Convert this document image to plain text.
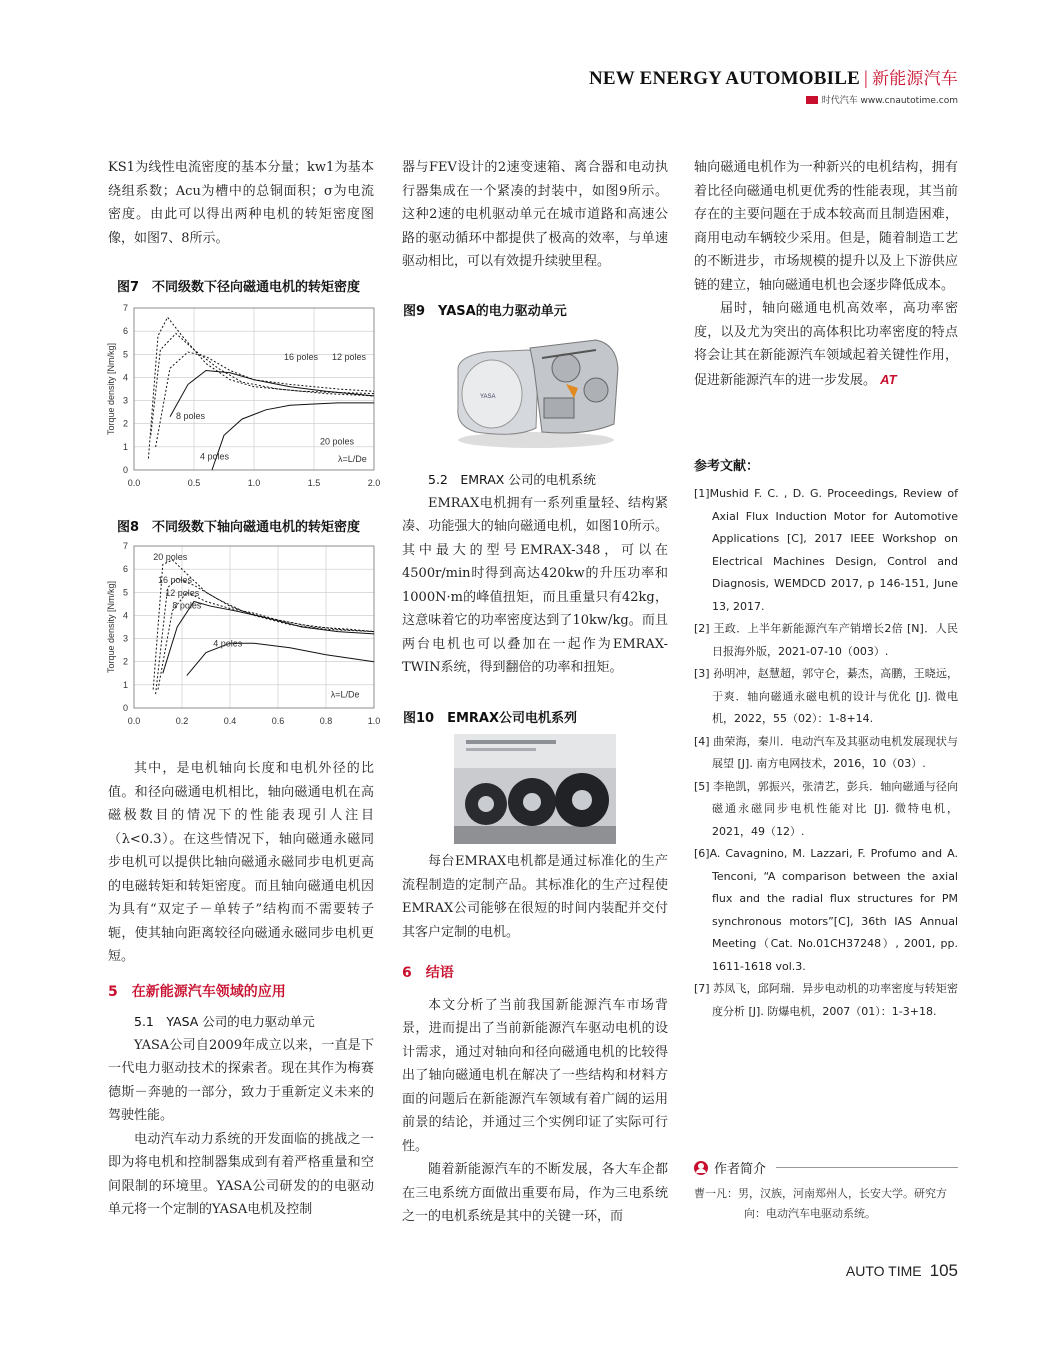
NEW ENERGY AUTOMOBILE | 新能源汽车
时代汽车 www.cnautotime.com

KS1为线性电流密度的基本分量；kw1为基本绕组系数；Acu为槽中的总铜面积；σ为电流密度。由此可以得出两种电机的转矩密度图像，如图7、8所示。

图7　不同级数下径向磁通电机的转矩密度
0
1
2
3
4
5
6
7
0.0	0.5	1.0	1.5	2.0
Torque density [Nm/kg]	16 poles 12 poles
8 poles
20 poles
4 poles	λ=L/De
图8　不同级数下轴向磁通电机的转矩密度
0
1
2
3
4
5
6
7
0.0	0.2	0.4	0.6	0.8	1.0
Torque density [Nm/kg]
20 poles
16 poles
12 poles
8 poles
4 poles
λ=L/De

其中，是电机轴向长度和电机外径的比值。和径向磁通电机相比，轴向磁通电机在高磁极数目的情况下的性能表现引人注目（λ<0.3）。在这些情况下，轴向磁通永磁同步电机可以提供比轴向磁通永磁同步电机更高的电磁转矩和转矩密度。而且轴向磁通电机因为具有“双定子－单转子”结构而不需要转子轭，使其轴向距离较径向磁通永磁同步电机更短。

5　在新能源汽车领域的应用
5.1　YASA 公司的电力驱动单元

YASA公司自2009年成立以来，一直是下一代电力驱动技术的探索者。现在其作为梅赛德斯－奔驰的一部分，致力于重新定义未来的驾驶性能。

电动汽车动力系统的开发面临的挑战之一即为将电机和控制器集成到有着严格重量和空间限制的环境里。YASA公司研发的的电驱动单元将一个定制的YASA电机及控制

器与FEV设计的2速变速箱、离合器和电动执行器集成在一个紧凑的封装中，如图9所示。这种2速的电机驱动单元在城市道路和高速公路的驱动循环中都提供了极高的效率，与单速驱动相比，可以有效提升续驶里程。

图9　YASA的电力驱动单元
YASA
5.2　EMRAX 公司的电机系统

EMRAX电机拥有一系列重量轻、结构紧凑、功能强大的轴向磁通电机，如图10所示。其中最大的型号EMRAX-348，可以在4500r/min时得到高达420kw的升压功率和1000N·m的峰值扭矩，而且重量只有42kg，这意味着它的功率密度达到了10kw/kg。而且两台电机也可以叠加在一起作为EMRAX-TWIN系统，得到翻倍的功率和扭矩。

图10　EMRAX公司电机系列

每台EMRAX电机都是通过标准化的生产流程制造的定制产品。其标准化的生产过程使EMRAX公司能够在很短的时间内装配并交付其客户定制的电机。

6　结语

本文分析了当前我国新能源汽车市场背景，进而提出了当前新能源汽车驱动电机的设计需求，通过对轴向和径向磁通电机的比较得出了轴向磁通电机在解决了一些结构和材料方面的问题后在新能源汽车领域有着广阔的运用前景的结论，并通过三个实例印证了实际可行性。

随着新能源汽车的不断发展，各大车企都在三电系统方面做出重要布局，作为三电系统之一的电机系统是其中的关键一环，而

轴向磁通电机作为一种新兴的电机结构，拥有着比径向磁通电机更优秀的性能表现，其当前存在的主要问题在于成本较高而且制造困难，商用电动车辆较少采用。但是，随着制造工艺的不断进步，市场规模的提升以及上下游供应链的建立，轴向磁通电机也会逐步降低成本。

届时，轴向磁通电机高效率，高功率密度，以及尤为突出的高体积比功率密度的特点将会让其在新能源汽车领域起着关键性作用，促进新能源汽车的进一步发展。 AT

参考文献：
[1]Mushid F. C. , D. G. Proceedings, Review of Axial Flux Induction Motor for Automotive Applications [C], 2017 IEEE Workshop on Electrical Machines Design, Control and Diagnosis, WEMDCD 2017, p 146-151, June 13, 2017.
[2] 王政．上半年新能源汽车产销增长2倍 [N]．人民日报海外版，2021-07-10（003）.
[3] 孙明冲，赵慧超，郭守仑，綦杰，高鹏，王晓远，于爽．轴向磁通永磁电机的设计与优化 [J]. 微电机，2022，55（02）：1-8+14.
[4] 曲荣海，秦川．电动汽车及其驱动电机发展现状与展望 [J]. 南方电网技术，2016，10（03）.
[5] 李艳凯，郭振兴，张清艺，彭兵．轴向磁通与径向磁通永磁同步电机性能对比 [J]. 微特电机，2021，49（12）.
[6]A. Cavagnino, M. Lazzari, F. Profumo and A. Tenconi, “A comparison between the axial flux and the radial flux structures for PM synchronous motors”[C], 36th IAS Annual Meeting（Cat. No.01CH37248）, 2001, pp. 1611-1618 vol.3.
[7] 苏凤飞，邱阿瑞．异步电动机的功率密度与转矩密度分析 [J]. 防爆电机，2007（01）：1-3+18.
作者简介
曹一凡：男，汉族，河南郑州人，长安大学。研究方向：电动汽车电驱动系统。
AUTO TIME 105
